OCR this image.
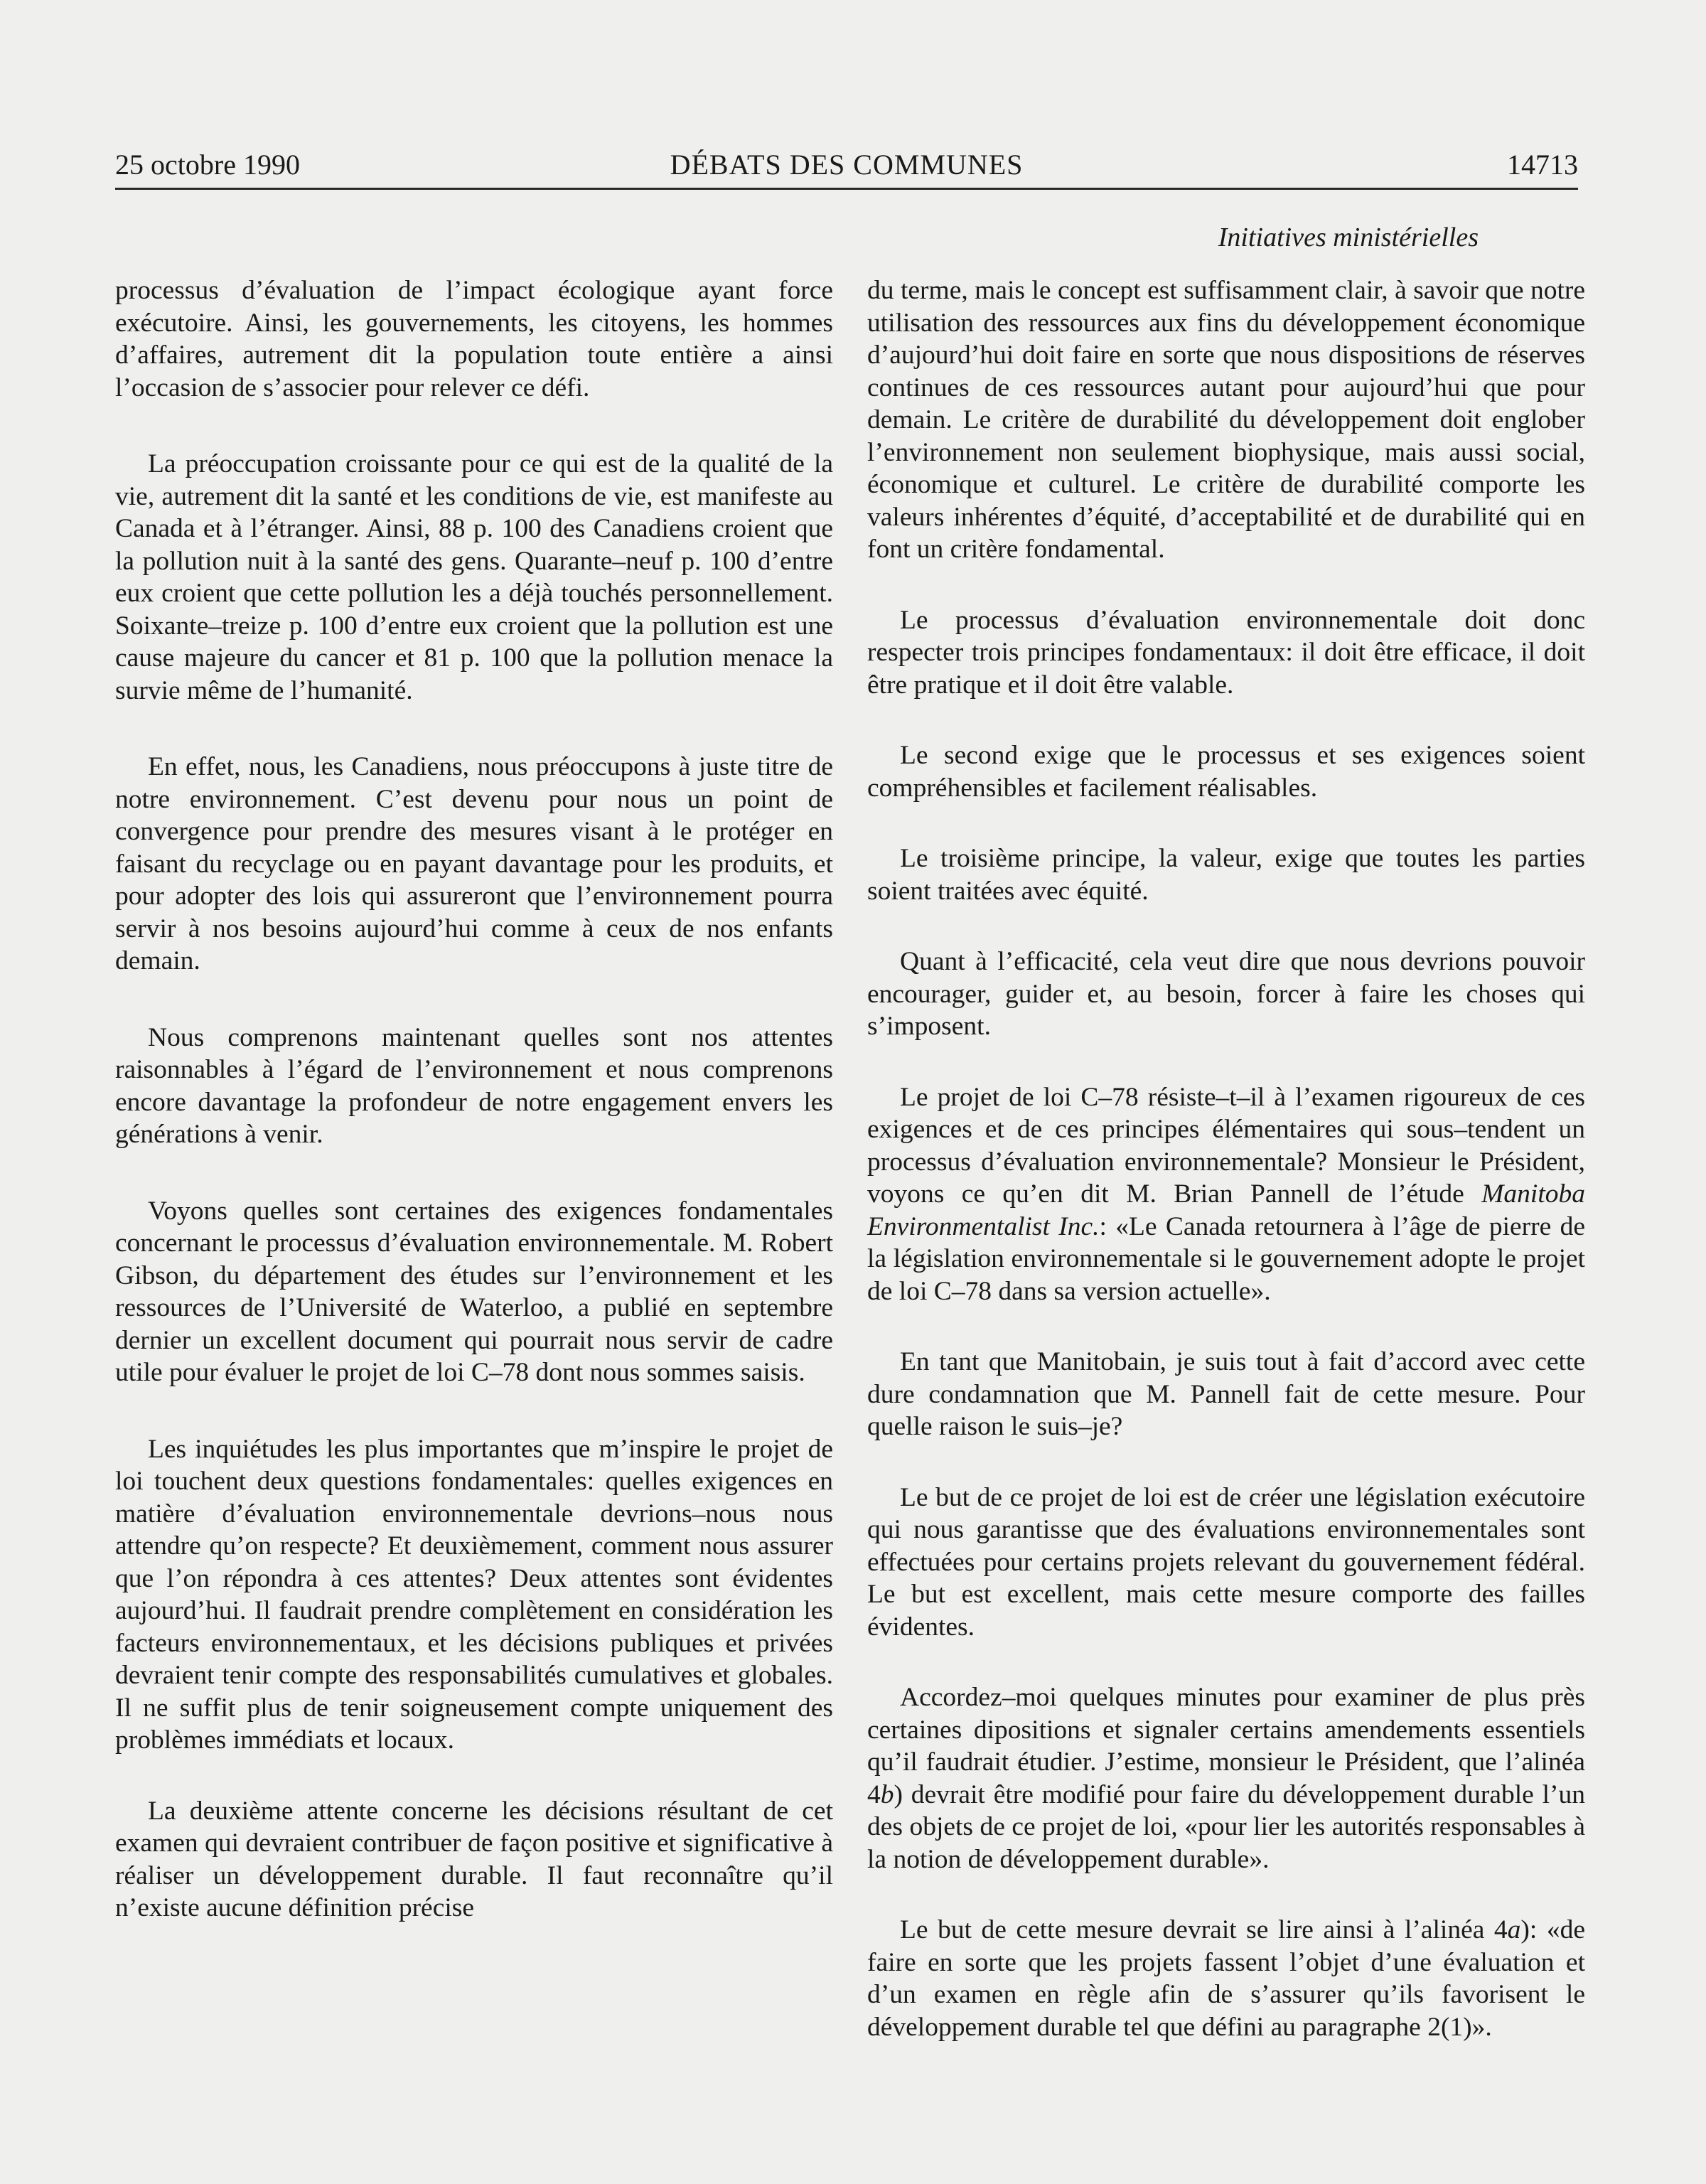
25 octobre 1990	DÉBATS DES COMMUNES	14713
Initiatives ministérielles

processus d’évaluation de l’impact écologique ayant force exécutoire. Ainsi, les gouvernements, les citoyens, les hommes d’affaires, autrement dit la population toute entière a ainsi l’occasion de s’associer pour relever ce défi.

La préoccupation croissante pour ce qui est de la qualité de la vie, autrement dit la santé et les conditions de vie, est manifeste au Canada et à l’étranger. Ainsi, 88 p. 100 des Canadiens croient que la pollution nuit à la santé des gens. Quarante–neuf p. 100 d’entre eux croient que cette pollution les a déjà touchés personnellement. Soixante–treize p. 100 d’entre eux croient que la pollution est une cause majeure du cancer et 81 p. 100 que la pollution menace la survie même de l’humanité.

En effet, nous, les Canadiens, nous préoccupons à juste titre de notre environnement. C’est devenu pour nous un point de convergence pour prendre des mesures visant à le protéger en faisant du recyclage ou en payant davantage pour les produits, et pour adopter des lois qui assureront que l’environnement pourra servir à nos besoins aujourd’hui comme à ceux de nos enfants demain.

Nous comprenons maintenant quelles sont nos attentes raisonnables à l’égard de l’environnement et nous comprenons encore davantage la profondeur de notre engagement envers les générations à venir.

Voyons quelles sont certaines des exigences fondamentales concernant le processus d’évaluation environnementale. M. Robert Gibson, du département des études sur l’environnement et les ressources de l’Université de Waterloo, a publié en septembre dernier un excellent document qui pourrait nous servir de cadre utile pour évaluer le projet de loi C–78 dont nous sommes saisis.

Les inquiétudes les plus importantes que m’inspire le projet de loi touchent deux questions fondamentales: quelles exigences en matière d’évaluation environnementale devrions–nous nous attendre qu’on respecte? Et deuxièmement, comment nous assurer que l’on répondra à ces attentes? Deux attentes sont évidentes aujourd’hui. Il faudrait prendre complètement en considération les facteurs environnementaux, et les décisions publiques et privées devraient tenir compte des responsabilités cumulatives et globales. Il ne suffit plus de tenir soigneusement compte uniquement des problèmes immédiats et locaux.

La deuxième attente concerne les décisions résultant de cet examen qui devraient contribuer de façon positive et significative à réaliser un développement durable. Il faut reconnaître qu’il n’existe aucune définition précise

du terme, mais le concept est suffisamment clair, à savoir que notre utilisation des ressources aux fins du développement économique d’aujourd’hui doit faire en sorte que nous dispositions de réserves continues de ces ressources autant pour aujourd’hui que pour demain. Le critère de durabilité du développement doit englober l’environnement non seulement biophysique, mais aussi social, économique et culturel. Le critère de durabilité comporte les valeurs inhérentes d’équité, d’acceptabilité et de durabilité qui en font un critère fondamental.

Le processus d’évaluation environnementale doit donc respecter trois principes fondamentaux: il doit être efficace, il doit être pratique et il doit être valable.

Le second exige que le processus et ses exigences soient compréhensibles et facilement réalisables.

Le troisième principe, la valeur, exige que toutes les parties soient traitées avec équité.

Quant à l’efficacité, cela veut dire que nous devrions pouvoir encourager, guider et, au besoin, forcer à faire les choses qui s’imposent.

Le projet de loi C–78 résiste–t–il à l’examen rigoureux de ces exigences et de ces principes élémentaires qui sous–tendent un processus d’évaluation environnementale? Monsieur le Président, voyons ce qu’en dit M. Brian Pannell de l’étude Manitoba Environmentalist Inc.: «Le Canada retournera à l’âge de pierre de la législation environnementale si le gouvernement adopte le projet de loi C–78 dans sa version actuelle».

En tant que Manitobain, je suis tout à fait d’accord avec cette dure condamnation que M. Pannell fait de cette mesure. Pour quelle raison le suis–je?

Le but de ce projet de loi est de créer une législation exécutoire qui nous garantisse que des évaluations environnementales sont effectuées pour certains projets relevant du gouvernement fédéral. Le but est excellent, mais cette mesure comporte des failles évidentes.

Accordez–moi quelques minutes pour examiner de plus près certaines dipositions et signaler certains amendements essentiels qu’il faudrait étudier. J’estime, monsieur le Président, que l’alinéa 4b) devrait être modifié pour faire du développement durable l’un des objets de ce projet de loi, «pour lier les autorités responsables à la notion de développement durable».

Le but de cette mesure devrait se lire ainsi à l’alinéa 4a): «de faire en sorte que les projets fassent l’objet d’une évaluation et d’un examen en règle afin de s’assurer qu’ils favorisent le développement durable tel que défini au paragraphe 2(1)».
